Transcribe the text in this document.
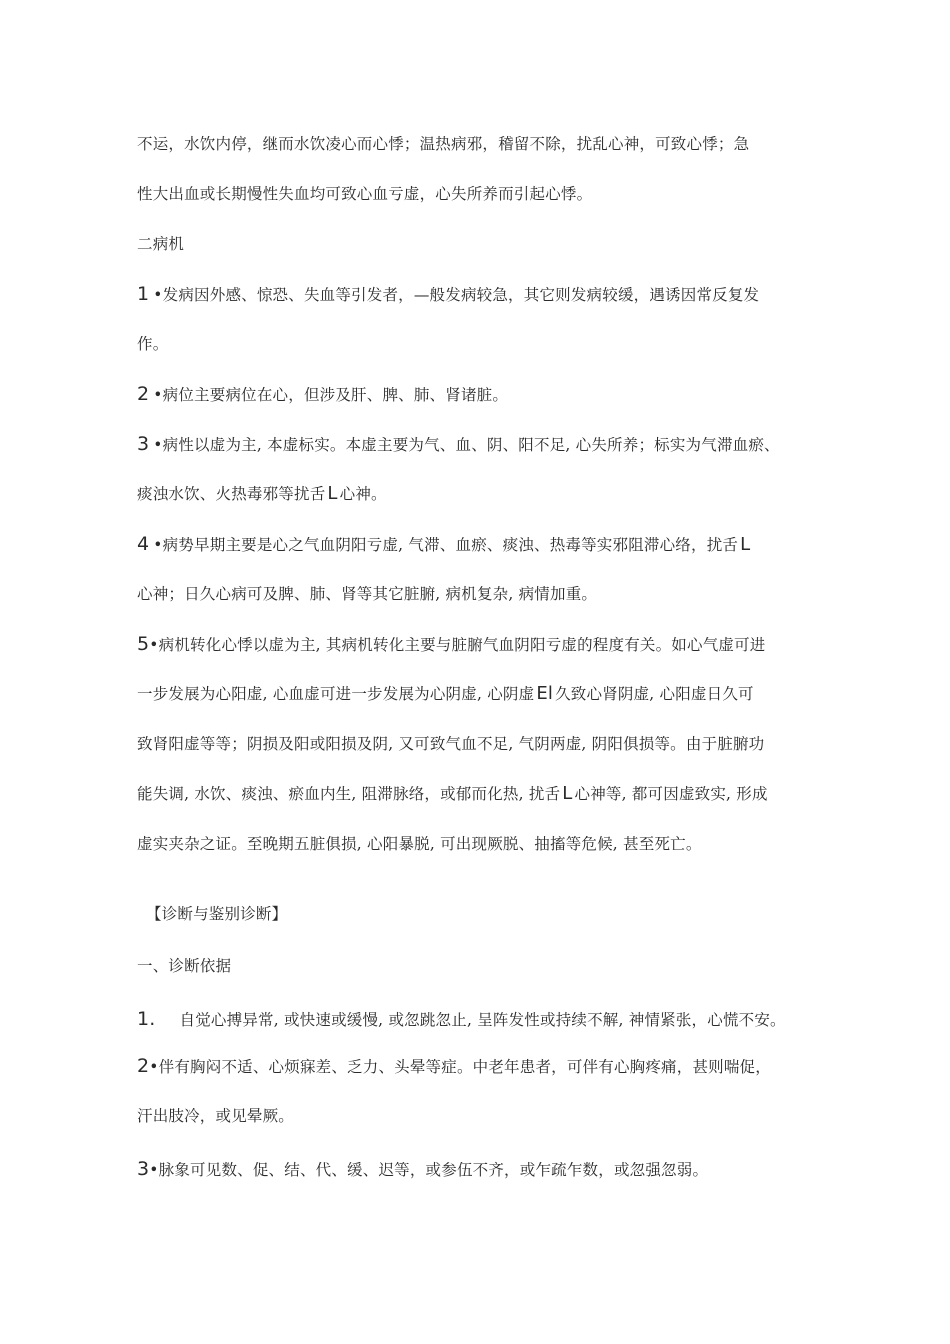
不运，水饮内停，继而水饮凌心而心悸；温热病邪，稽留不除，扰乱心神，可致心悸；急
性大出血或长期慢性失血均可致心血亏虚，心失所养而引起心悸。
二病机
1 •发病因外感、惊恐、失血等引发者，—般发病较急，其它则发病较缓，遇诱因常反复发
作。
2 •病位主要病位在心，但涉及肝、脾、肺、肾诸脏。
3 •病性以虚为主, 本虚标实。本虚主要为气、血、阴、阳不足, 心失所养；标实为气滞血瘀、
痰浊水饮、火热毒邪等扰舌 L 心神。
4 •病势早期主要是心之气血阴阳亏虚, 气滞、血瘀、痰浊、热毒等实邪阻滞心络，扰舌 L
心神；日久心病可及脾、肺、肾等其它脏腑, 病机复杂, 病情加重。
5•病机转化心悸以虚为主, 其病机转化主要与脏腑气血阴阳亏虚的程度有关。如心气虚可进
一步发展为心阳虚, 心血虚可进一步发展为心阴虚, 心阴虚 El 久致心肾阴虚, 心阳虚日久可
致肾阳虚等等；阴损及阳或阳损及阴, 又可致气血不足, 气阴两虚, 阴阳俱损等。由于脏腑功
能失调, 水饮、痰浊、瘀血内生, 阻滞脉络，或郁而化热, 扰舌 L 心神等, 都可因虚致实, 形成
虚实夹杂之证。至晚期五脏俱损, 心阳暴脱, 可出现厥脱、抽搐等危候, 甚至死亡。
【诊断与鉴别诊断】
一、诊断依据
1. 自觉心搏异常, 或快速或缓慢, 或忽跳忽止, 呈阵发性或持续不解, 神情紧张，心慌不安。
2•伴有胸闷不适、心烦寐差、乏力、头晕等症。中老年患者，可伴有心胸疼痛，甚则喘促，
汗出肢冷，或见晕厥。
3•脉象可见数、促、结、代、缓、迟等，或参伍不齐，或乍疏乍数，或忽强忽弱。
